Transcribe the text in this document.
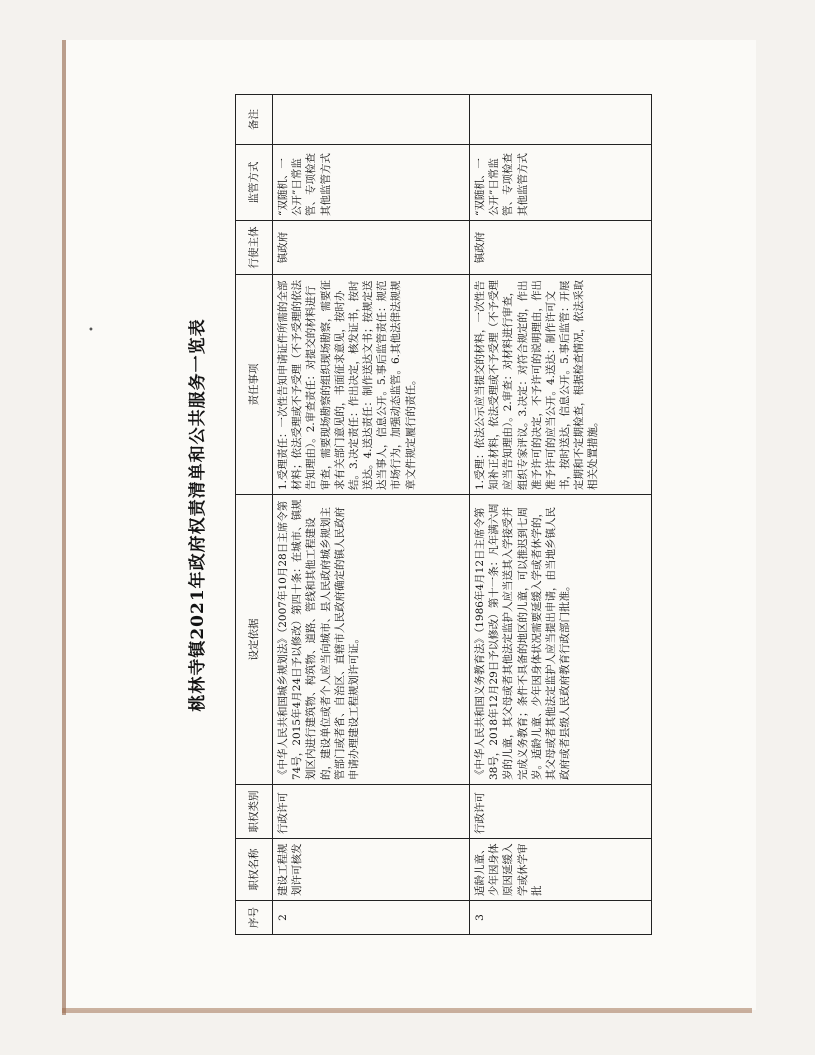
•	桃林寺镇2021年政府权责清单和公共服务一览表
序号	职权名称	职权类别	设定依据	责任事项	行使主体	监管方式	备注
2	建设工程规划许可核发	行政许可	《中华人民共和国城乡规划法》（2007年10月28日主席令第74号，2015年4月24日予以修改）第四十条：在城市、镇规划区内进行建筑物、构筑物、道路、管线和其他工程建设的，建设单位或者个人应当向城市、县人民政府城乡规划主管部门或者省、自治区、直辖市人民政府确定的镇人民政府申请办理建设工程规划许可证。	1.受理责任：一次性告知申请证件所需的全部材料；依法受理或不予受理（不予受理的依法告知理由）。2.审查责任：对提交的材料进行审查，需要现场勘察的组织现场勘察，需要征求有关部门意见的，书面征求意见，按时办结。3.决定责任：作出决定，核发证书，按时送达。4.送达责任：制作送达文书；按规定送达当事人，信息公开。5.事后监管责任：规范市场行为，加强动态监管。6.其他法律法规规章文件规定履行的责任。	镇政府	“双随机、一公开”日常监管、专项检查其他监管方式	
3	适龄儿童、少年因身体原因延缓入学或休学审批	行政许可	《中华人民共和国义务教育法》（1986年4月12日主席令第38号，2018年12月29日予以修改）第十一条：凡年满六周岁的儿童，其父母或者其他法定监护人应当送其入学接受并完成义务教育；条件不具备的地区的儿童，可以推迟到七周岁。适龄儿童、少年因身体状况需要延缓入学或者休学的，其父母或者其他法定监护人应当提出申请，由当地乡镇人民政府或者县级人民政府教育行政部门批准。	1.受理：依法公示应当提交的材料，一次性告知补正材料，依法受理或不予受理（不予受理应当告知理由）。2.审查：对材料进行审查，组织专家评议。3.决定：对符合规定的，作出准予许可的决定，不予许可的说明理由，作出准予许可的应当公开。4.送达：制作许可文书，按时送达，信息公开。5.事后监管：开展定期和不定期检查，根据检查情况，依法采取相关处置措施。	镇政府	“双随机、一公开”日常监管、专项检查其他监管方式	
